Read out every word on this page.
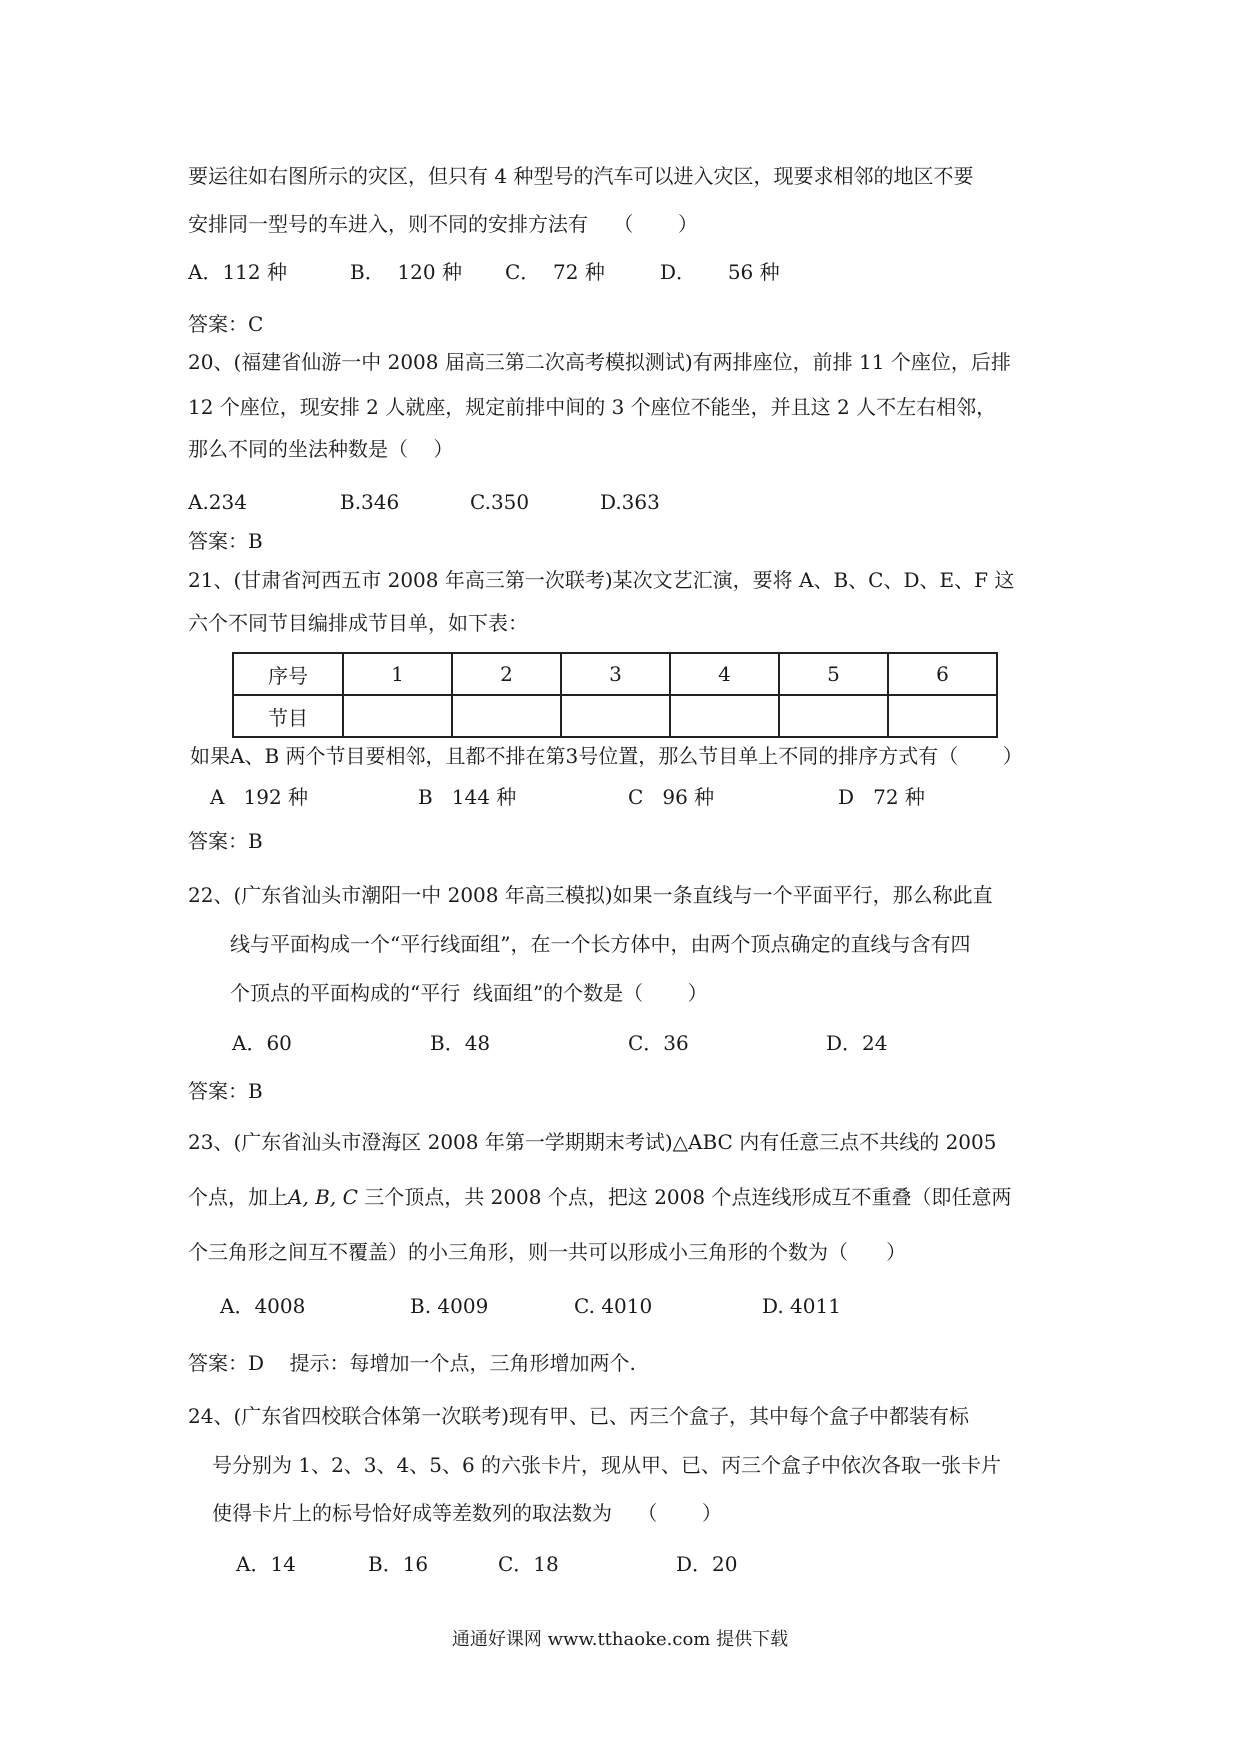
要运往如右图所示的灾区，但只有 4 种型号的汽车可以进入灾区，现要求相邻的地区不要
安排同一型号的车进入，则不同的安排方法有    （       ）
A．112 种	B．  120 种 C．  72 种	D．     56 种
答案：C
20、(福建省仙游一中 2008 届高三第二次高考模拟测试)有两排座位，前排 11 个座位，后排
12 个座位，现安排 2 人就座，规定前排中间的 3 个座位不能坐，并且这 2 人不左右相邻，
那么不同的坐法种数是（    ）
A.234	B.346	C.350	D.363
答案：B
21、(甘肃省河西五市 2008 年高三第一次联考)某次文艺汇演，要将 A、B、C、D、E、F 这
六个不同节目编排成节目单，如下表：
序号	1	2	3	4	5	6
节目						
如果A、B 两个节目要相邻，且都不排在第3号位置，那么节目单上不同的排序方式有（       ）
A   192 种	B   144 种	C   96 种	D   72 种
答案：B
22、(广东省汕头市潮阳一中 2008 年高三模拟)如果一条直线与一个平面平行，那么称此直
线与平面构成一个“平行线面组”，在一个长方体中，由两个顶点确定的直线与含有四
个顶点的平面构成的“平行  线面组”的个数是（       ）
A．60	B．48	C．36	D．24
答案：B
23、(广东省汕头市澄海区 2008 年第一学期期末考试)△ABC 内有任意三点不共线的 2005
个点，加上A, B, C 三个顶点，共 2008 个点，把这 2008 个点连线形成互不重叠（即任意两
个三角形之间互不覆盖）的小三角形，则一共可以形成小三角形的个数为（      ）
A．4008	B. 4009	C. 4010	D. 4011
答案：D    提示：每增加一个点，三角形增加两个.
24、(广东省四校联合体第一次联考)现有甲、已、丙三个盒子，其中每个盒子中都装有标
号分别为 1、2、3、4、5、6 的六张卡片，现从甲、已、丙三个盒子中依次各取一张卡片
使得卡片上的标号恰好成等差数列的取法数为    （       ）
A．14	B．16	C．18	D．20
通通好课网 www.tthaoke.com 提供下载
